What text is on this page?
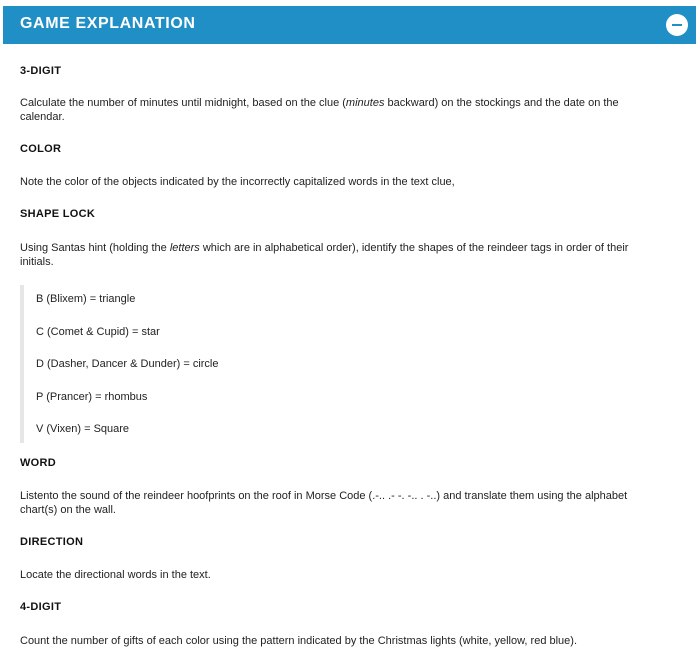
GAME EXPLANATION
3-DIGIT
Calculate the number of minutes until midnight, based on the clue (minutes backward) on the stockings and the date on the calendar.
COLOR
Note the color of the objects indicated by the incorrectly capitalized words in the text clue,
SHAPE LOCK
Using Santas hint (holding the letters which are in alphabetical order), identify the shapes of the reindeer tags in order of their initials.
B (Blixem) = triangle
C (Comet & Cupid) = star
D (Dasher, Dancer & Dunder) = circle
P (Prancer) = rhombus
V (Vixen) = Square
WORD
Listento the sound of the reindeer hoofprints on the roof in Morse Code (.-.. .- -. -.. . -..) and translate them using the alphabet chart(s) on the wall.
DIRECTION
Locate the directional words in the text.
4-DIGIT
Count the number of gifts of each color using the pattern indicated by the Christmas lights (white, yellow, red blue).
